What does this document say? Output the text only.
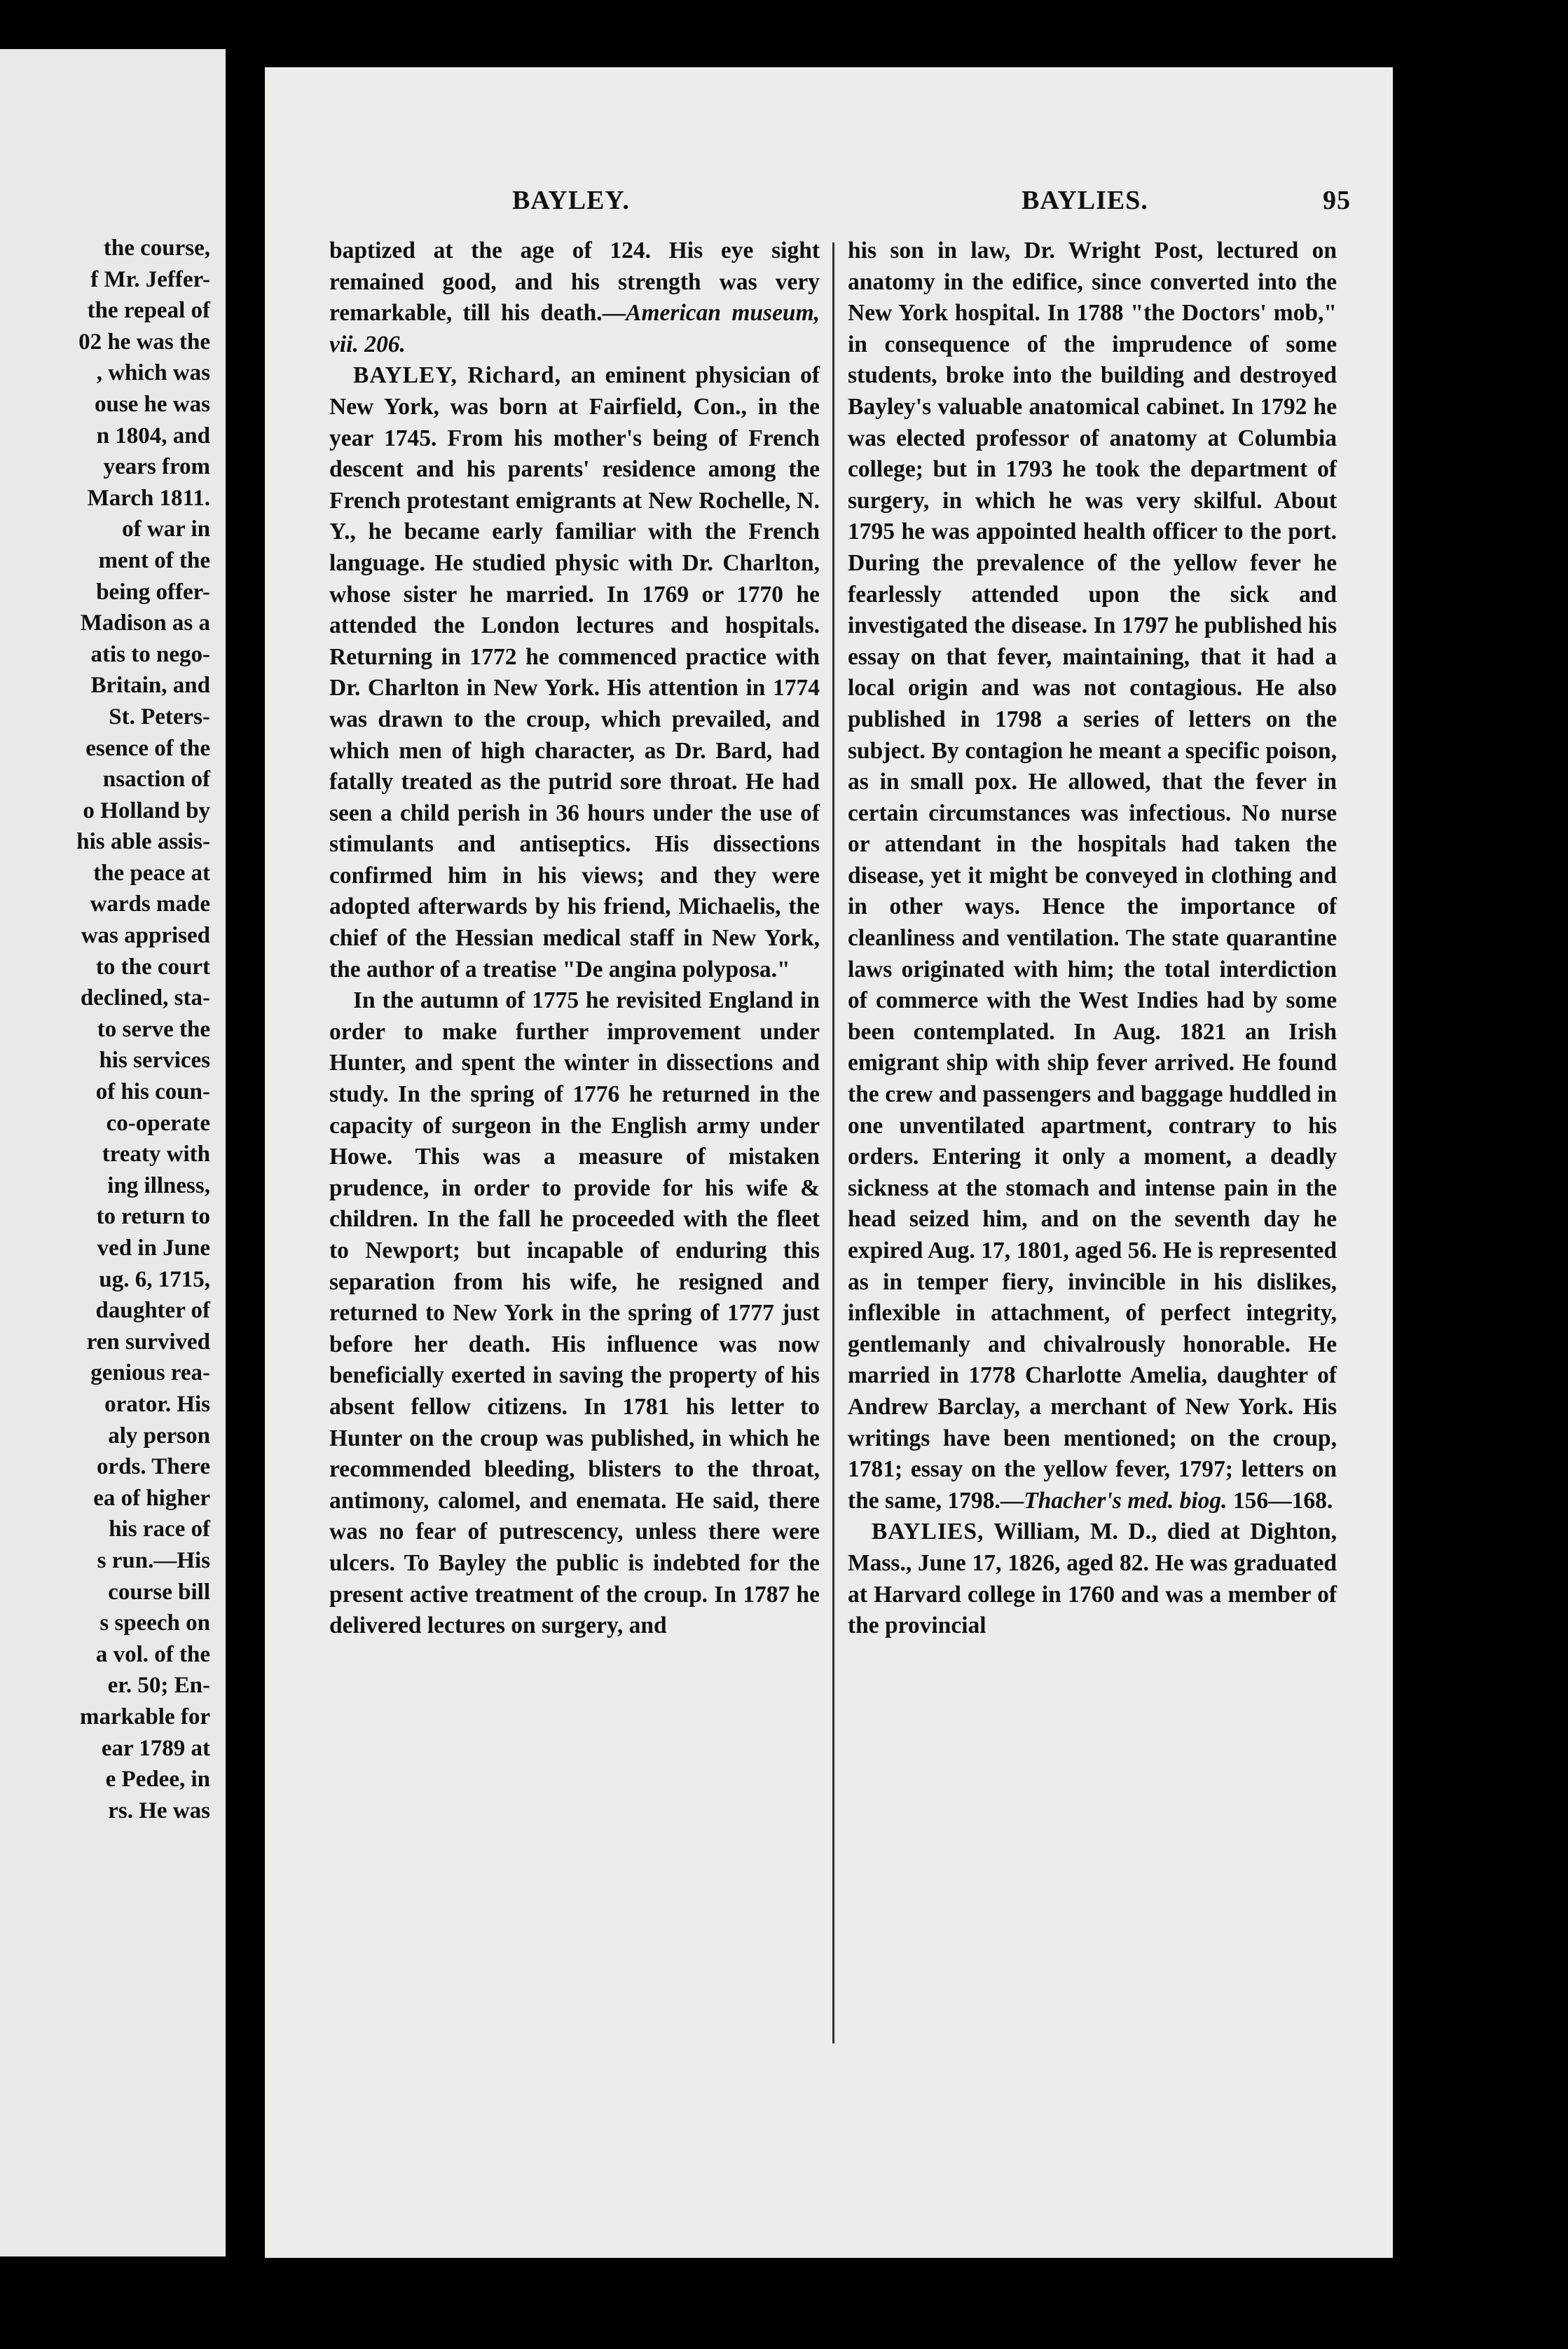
the course,
f Mr. Jeffer-
the repeal of
02 he was the
, which was
ouse he was
n 1804, and
years from
March 1811.
of war in
ment of the
being offer-
Madison as a
atis to nego-
Britain, and
St. Peters-
esence of the
nsaction of
o Holland by
his able assis-
the peace at
wards made
was apprised
to the court
declined, sta-
to serve the
his services
of his coun-
co-operate
treaty with
ing illness,
to return to
ved in June
ug. 6, 1715,
daughter of
ren survived
genious rea-
orator. His
aly person
ords. There
ea of higher
his race of
s run.—His
course bill
s speech on
a vol. of the
er. 50; En-
markable for
ear 1789 at
e Pedee, in
rs. He was
BAYLEY.	BAYLIES.	95

baptized at the age of 124. His eye sight remained good, and his strength was very remarkable, till his death.—American museum, vii. 206.

BAYLEY, Richard, an eminent physician of New York, was born at Fairfield, Con., in the year 1745. From his mother's being of French descent and his parents' residence among the French protestant emigrants at New Rochelle, N. Y., he became early familiar with the French language. He studied physic with Dr. Charlton, whose sister he married. In 1769 or 1770 he attended the London lectures and hospitals. Returning in 1772 he commenced practice with Dr. Charlton in New York. His attention in 1774 was drawn to the croup, which prevailed, and which men of high character, as Dr. Bard, had fatally treated as the putrid sore throat. He had seen a child perish in 36 hours under the use of stimulants and antiseptics. His dissections confirmed him in his views; and they were adopted afterwards by his friend, Michaelis, the chief of the Hessian medical staff in New York, the author of a treatise "De angina polyposa."

In the autumn of 1775 he revisited England in order to make further improvement under Hunter, and spent the winter in dissections and study. In the spring of 1776 he returned in the capacity of surgeon in the English army under Howe. This was a measure of mistaken prudence, in order to provide for his wife & children. In the fall he proceeded with the fleet to Newport; but incapable of enduring this separation from his wife, he resigned and returned to New York in the spring of 1777 just before her death. His influence was now beneficially exerted in saving the property of his absent fellow citizens. In 1781 his letter to Hunter on the croup was published, in which he recommended bleeding, blisters to the throat, antimony, calomel, and enemata. He said, there was no fear of putrescency, unless there were ulcers. To Bayley the public is indebted for the present active treatment of the croup. In 1787 he delivered lectures on surgery, and

his son in law, Dr. Wright Post, lectured on anatomy in the edifice, since converted into the New York hospital. In 1788 "the Doctors' mob," in consequence of the imprudence of some students, broke into the building and destroyed Bayley's valuable anatomical cabinet. In 1792 he was elected professor of anatomy at Columbia college; but in 1793 he took the department of surgery, in which he was very skilful. About 1795 he was appointed health officer to the port. During the prevalence of the yellow fever he fearlessly attended upon the sick and investigated the disease. In 1797 he published his essay on that fever, maintaining, that it had a local origin and was not contagious. He also published in 1798 a series of letters on the subject. By contagion he meant a specific poison, as in small pox. He allowed, that the fever in certain circumstances was infectious. No nurse or attendant in the hospitals had taken the disease, yet it might be conveyed in clothing and in other ways. Hence the importance of cleanliness and ventilation. The state quarantine laws originated with him; the total interdiction of commerce with the West Indies had by some been contemplated. In Aug. 1821 an Irish emigrant ship with ship fever arrived. He found the crew and passengers and baggage huddled in one unventilated apartment, contrary to his orders. Entering it only a moment, a deadly sickness at the stomach and intense pain in the head seized him, and on the seventh day he expired Aug. 17, 1801, aged 56. He is represented as in temper fiery, invincible in his dislikes, inflexible in attachment, of perfect integrity, gentlemanly and chivalrously honorable. He married in 1778 Charlotte Amelia, daughter of Andrew Barclay, a merchant of New York. His writings have been mentioned; on the croup, 1781; essay on the yellow fever, 1797; letters on the same, 1798.—Thacher's med. biog. 156—168.

BAYLIES, William, M. D., died at Dighton, Mass., June 17, 1826, aged 82. He was graduated at Harvard college in 1760 and was a member of the provincial
